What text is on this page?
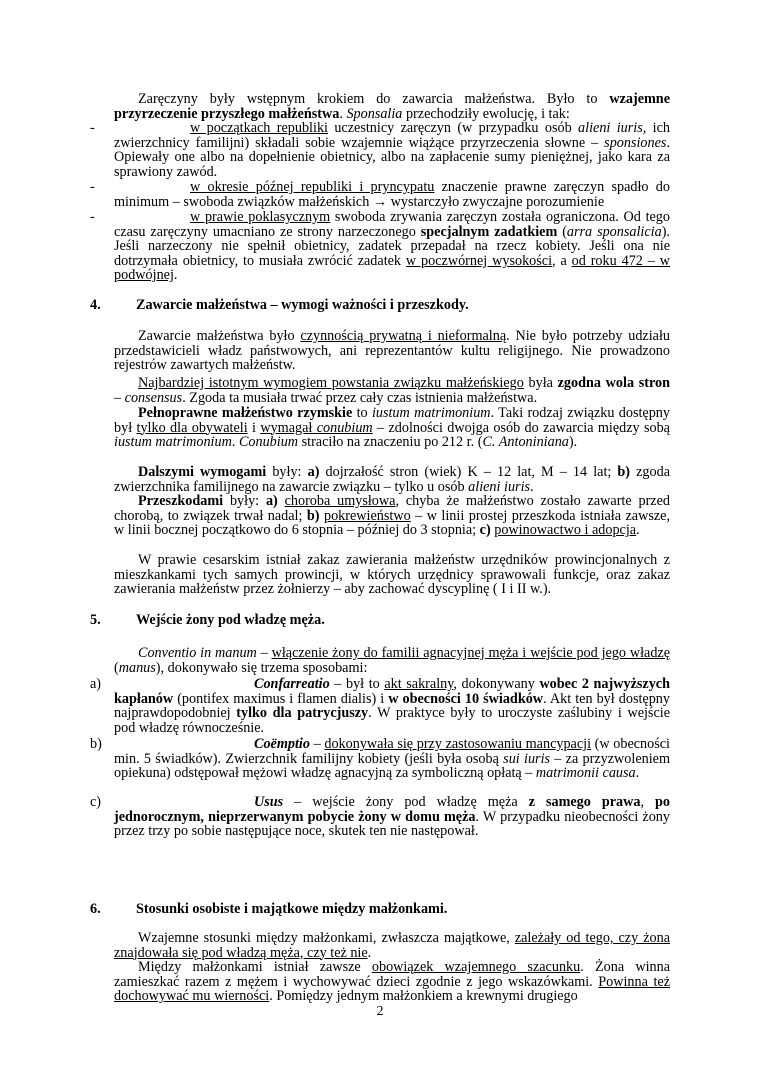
Zaręczyny były wstępnym krokiem do zawarcia małżeństwa. Było to wzajemne przyrzeczenie przyszłego małżeństwa. Sponsalia przechodziły ewolucję, i tak:
-	w początkach republiki uczestnicy zaręczyn (w przypadku osób alieni iuris, ich zwierzchnicy familijni) składali sobie wzajemnie wiążące przyrzeczenia słowne – sponsiones. Opiewały one albo na dopełnienie obietnicy, albo na zapłacenie sumy pieniężnej, jako kara za sprawiony zawód.
-	w okresie późnej republiki i pryncypatu znaczenie prawne zaręczyn spadło do minimum – swoboda związków małżeńskich → wystarczyło zwyczajne porozumienie
-	w prawie poklasycznym swoboda zrywania zaręczyn została ograniczona. Od tego czasu zaręczyny umacniano ze strony narzeczonego specjalnym zadatkiem (arra sponsalicia). Jeśli narzeczony nie spełnił obietnicy, zadatek przepadał na rzecz kobiety. Jeśli ona nie dotrzymała obietnicy, to musiała zwrócić zadatek w poczwórnej wysokości, a od roku 472 – w podwójnej.
4. Zawarcie małżeństwa – wymogi ważności i przeszkody.
Zawarcie małżeństwa było czynnością prywatną i nieformalną. Nie było potrzeby udziału przedstawicieli władz państwowych, ani reprezentantów kultu religijnego. Nie prowadzono rejestrów zawartych małżeństw.
Najbardziej istotnym wymogiem powstania związku małżeńskiego była zgodna wola stron – consensus. Zgoda ta musiała trwać przez cały czas istnienia małżeństwa.
Pełnoprawne małżeństwo rzymskie to iustum matrimonium. Taki rodzaj związku dostępny był tylko dla obywateli i wymagał conubium – zdolności dwojga osób do zawarcia między sobą iustum matrimonium. Conubium straciło na znaczeniu po 212 r. (C. Antoniniana).
Dalszymi wymogami były: a) dojrzałość stron (wiek) K – 12 lat, M – 14 lat; b) zgoda zwierzchnika familijnego na zawarcie związku – tylko u osób alieni iuris.
Przeszkodami były: a) choroba umysłowa, chyba że małżeństwo zostało zawarte przed chorobą, to związek trwał nadal; b) pokrewieństwo – w linii prostej przeszkoda istniała zawsze, w linii bocznej początkowo do 6 stopnia – później do 3 stopnia; c) powinowactwo i adopcja.
W prawie cesarskim istniał zakaz zawierania małżeństw urzędników prowincjonalnych z mieszkankami tych samych prowincji, w których urzędnicy sprawowali funkcje, oraz zakaz zawierania małżeństw przez żołnierzy – aby zachować dyscyplinę ( I i II w.).
5. Wejście żony pod władzę męża.
Conventio in manum – włączenie żony do familii agnacyjnej męża i wejście pod jego władzę (manus), dokonywało się trzema sposobami:
a)	Confarreatio – był to akt sakralny, dokonywany wobec 2 najwyższych kapłanów (pontifex maximus i flamen dialis) i w obecności 10 świadków. Akt ten był dostępny najprawdopodobniej tylko dla patrycjuszy. W praktyce były to uroczyste zaślubiny i wejście pod władzę równocześnie.
b)	Coëmptio – dokonywała się przy zastosowaniu mancypacji (w obecności min. 5 świadków). Zwierzchnik familijny kobiety (jeśli była osobą sui iuris – za przyzwoleniem opiekuna) odstępował mężowi władzę agnacyjną za symboliczną opłatą – matrimonii causa.
c)	Usus – wejście żony pod władzę męża z samego prawa, po jednorocznym, nieprzerwanym pobycie żony w domu męża. W przypadku nieobecności żony przez trzy po sobie następujące noce, skutek ten nie następował.
6. Stosunki osobiste i majątkowe między małżonkami.
Wzajemne stosunki między małżonkami, zwłaszcza majątkowe, zależały od tego, czy żona znajdowała się pod władzą męża, czy też nie.
Między małżonkami istniał zawsze obowiązek wzajemnego szacunku. Żona winna zamieszkać razem z mężem i wychowywać dzieci zgodnie z jego wskazówkami. Powinna też dochowywać mu wierności. Pomiędzy jednym małżonkiem a krewnymi drugiego
2
